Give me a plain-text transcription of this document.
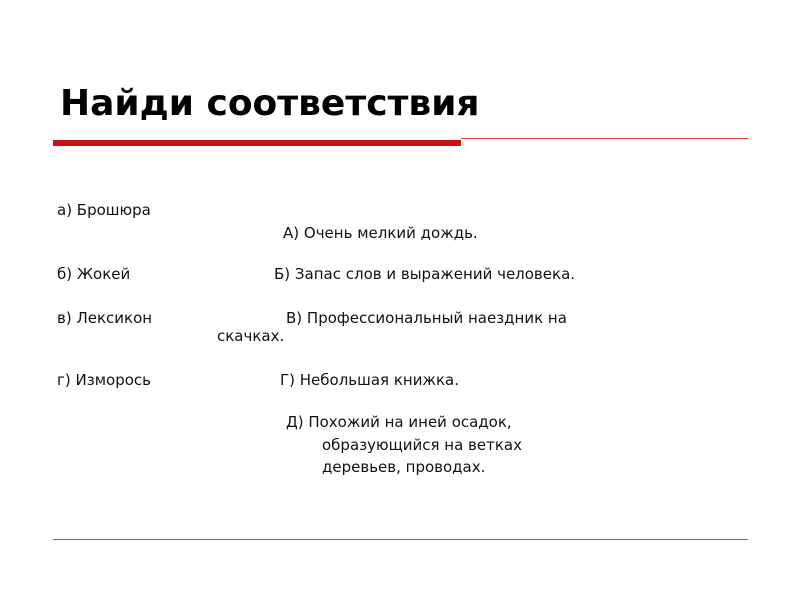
Найди соответствия
а) Брошюра
А) Очень мелкий дождь.
б) Жокей	Б) Запас слов и выражений человека.
в) Лексикон	В) Профессиональный наездник на
скачках.
г) Изморось	Г) Небольшая книжка.
Д) Похожий на иней осадок,
образующийся на ветках
деревьев, проводах.
